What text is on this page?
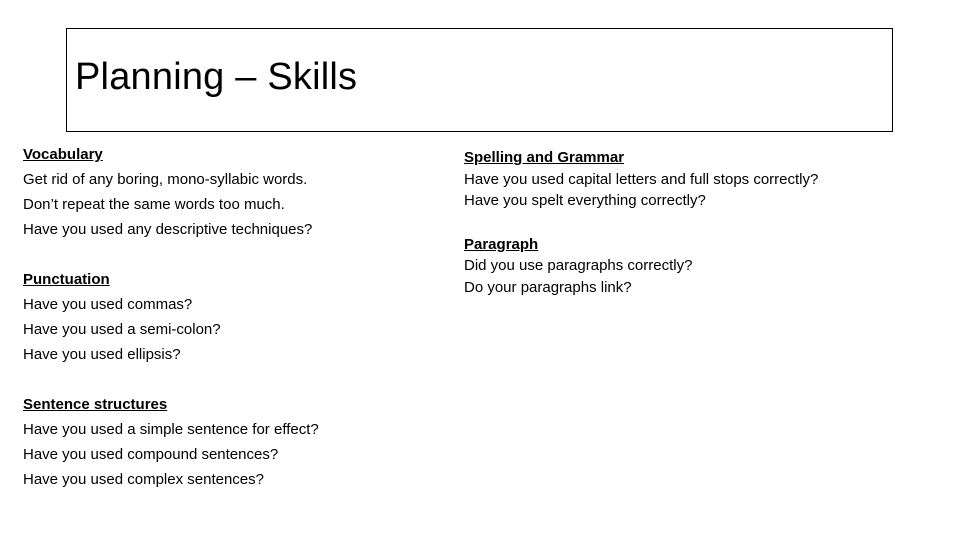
Planning – Skills
Vocabulary
Get rid of any boring, mono-syllabic words.
Don’t repeat the same words too much.
Have you used any descriptive techniques?
Punctuation
Have you used commas?
Have you used a semi-colon?
Have you used ellipsis?
Sentence structures
Have you used a simple sentence for effect?
Have you used compound sentences?
Have you used complex sentences?
Spelling and Grammar
Have you used capital letters and full stops correctly?
Have you spelt everything correctly?
Paragraph
Did you use paragraphs correctly?
Do your paragraphs link?
